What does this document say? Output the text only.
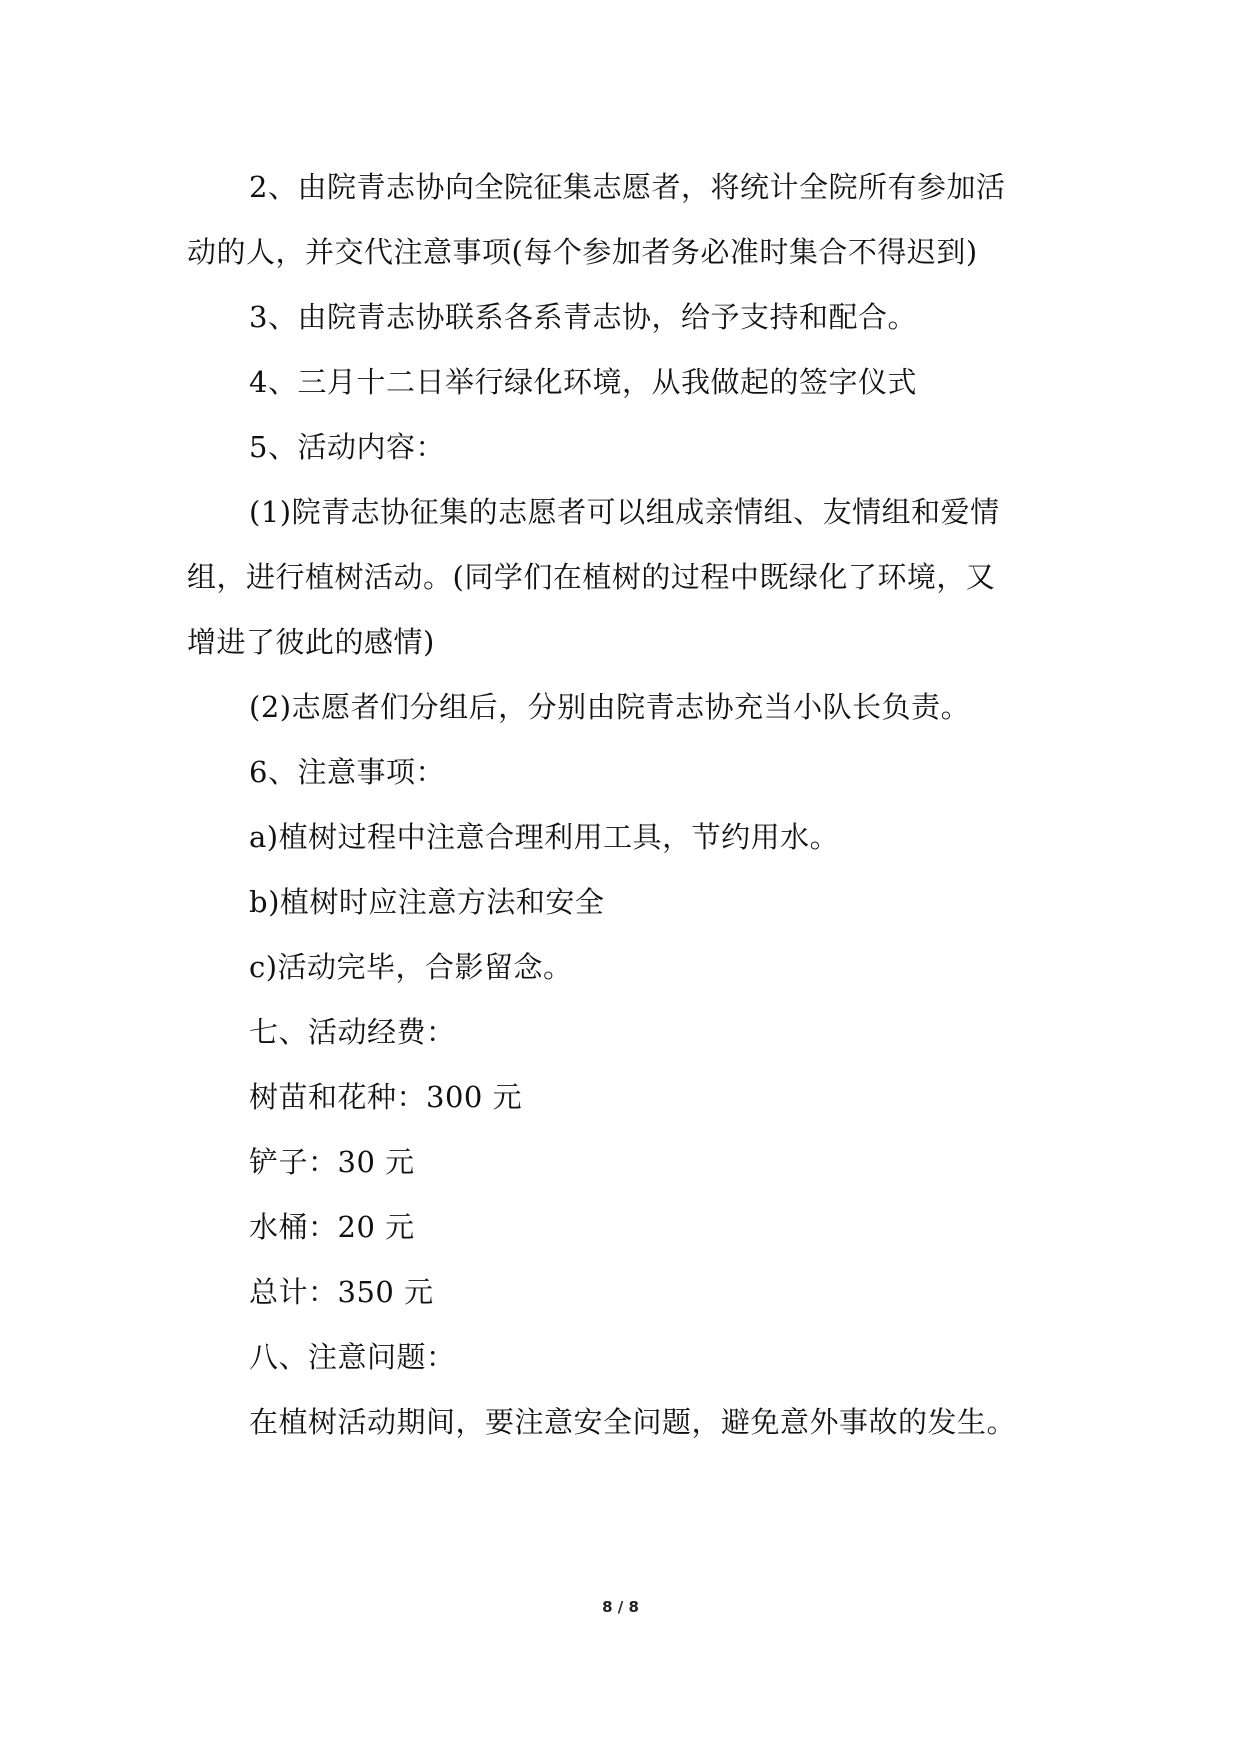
2、由院青志协向全院征集志愿者，将统计全院所有参加活

动的人，并交代注意事项(每个参加者务必准时集合不得迟到)

3、由院青志协联系各系青志协，给予支持和配合。

4、三月十二日举行绿化环境，从我做起的签字仪式

5、活动内容：

(1)院青志协征集的志愿者可以组成亲情组、友情组和爱情

组，进行植树活动。(同学们在植树的过程中既绿化了环境，又

增进了彼此的感情)

(2)志愿者们分组后，分别由院青志协充当小队长负责。

6、注意事项：

a)植树过程中注意合理利用工具，节约用水。

b)植树时应注意方法和安全

c)活动完毕，合影留念。

七、活动经费：

树苗和花种：300 元

铲子：30 元

水桶：20 元

总计：350 元

八、注意问题：

在植树活动期间，要注意安全问题，避免意外事故的发生。

8 / 8
